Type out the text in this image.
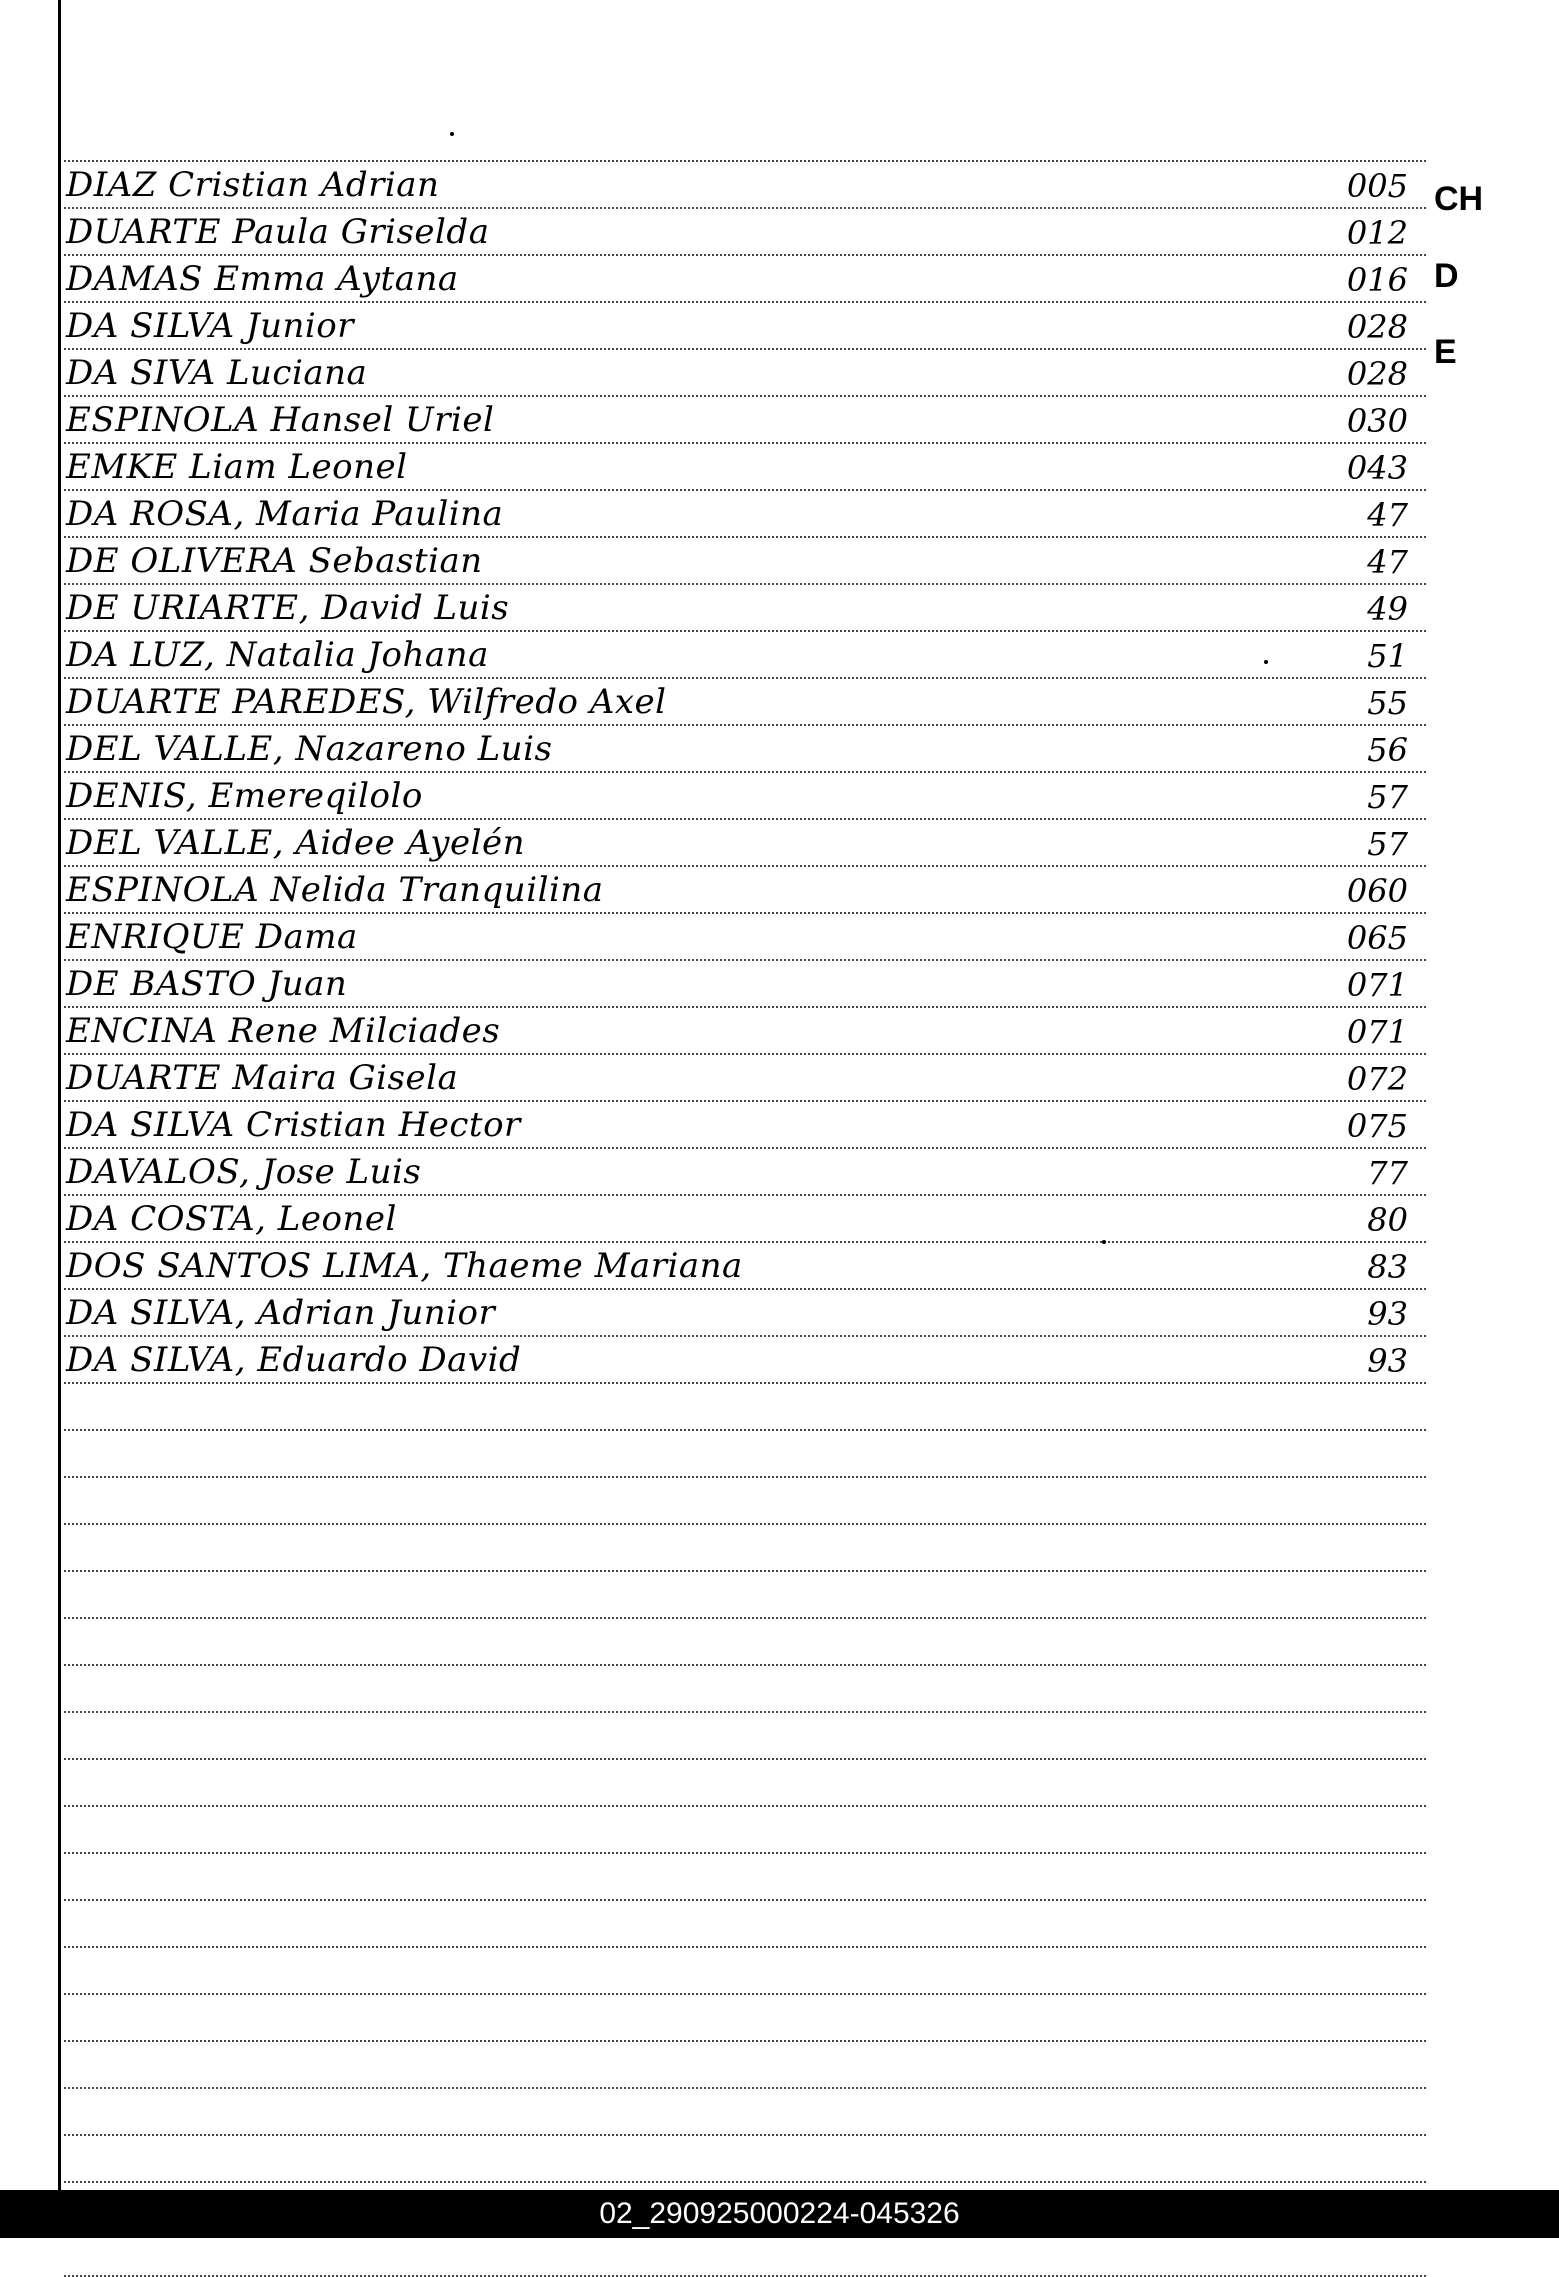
DIAZ Cristian Adrian	005
DUARTE Paula Griselda	012
DAMAS Emma Aytana	016
DA SILVA Junior	028
DA SIVA Luciana	028
ESPINOLA Hansel Uriel	030
EMKE Liam Leonel	043
DA ROSA, Maria Paulina	47
DE OLIVERA Sebastian	47
DE URIARTE, David Luis	49
DA LUZ, Natalia Johana	51
DUARTE PAREDES, Wilfredo Axel	55
DEL VALLE, Nazareno Luis	56
DENIS, Emereqilolo	57
DEL VALLE, Aidee Ayelén	57
ESPINOLA Nelida Tranquilina	060
ENRIQUE Dama	065
DE BASTO Juan	071
ENCINA Rene Milciades	071
DUARTE Maira Gisela	072
DA SILVA Cristian Hector	075
DAVALOS, Jose Luis	77
DA COSTA, Leonel	80
DOS SANTOS LIMA, Thaeme Mariana	83
DA SILVA, Adrian Junior	93
DA SILVA, Eduardo David	93
CH
D
E
02_290925000224-045326
